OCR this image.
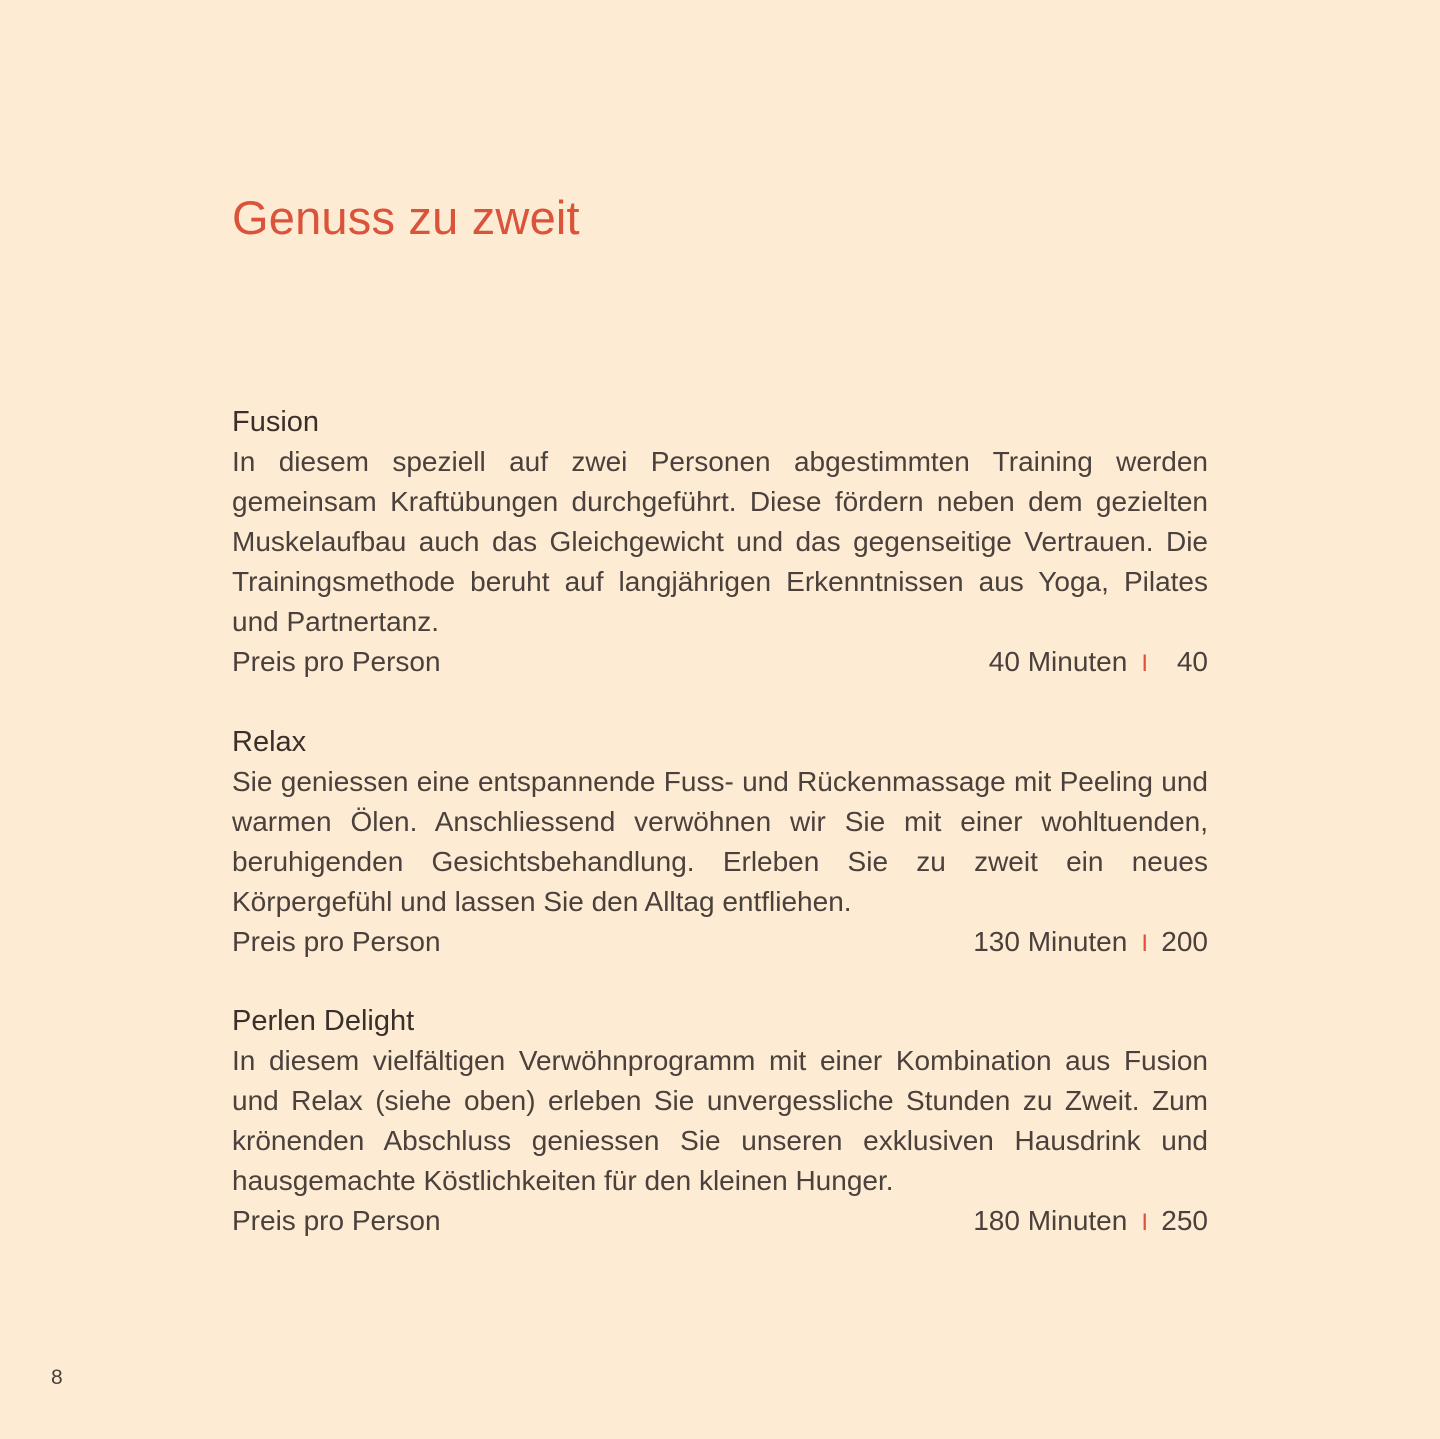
Genuss zu zweit
Fusion

In diesem speziell auf zwei Personen abgestimmten Training werden gemeinsam Kraftübungen durchgeführt. Diese fördern neben dem gezielten Muskelaufbau auch das Gleichgewicht und das gegenseitige Vertrauen. Die Trainingsmethode beruht auf langjährigen Erkenntnissen aus Yoga, Pilates und Partnertanz.

Preis pro Person	40 Minuten I	40
Relax

Sie geniessen eine entspannende Fuss- und Rückenmassage mit Peeling und warmen Ölen. Anschliessend verwöhnen wir Sie mit einer wohltuenden, beruhigenden Gesichtsbehandlung. Erleben Sie zu zweit ein neues Körpergefühl und lassen Sie den Alltag entfliehen.

Preis pro Person	130 Minuten I 200
Perlen Delight

In diesem vielfältigen Verwöhnprogramm mit einer Kombination aus Fusion und Relax (siehe oben) erleben Sie unvergessliche Stunden zu Zweit. Zum krönenden Abschluss geniessen Sie unseren exklusiven Hausdrink und hausgemachte Köstlichkeiten für den kleinen Hunger.

Preis pro Person	180 Minuten I 250
8
